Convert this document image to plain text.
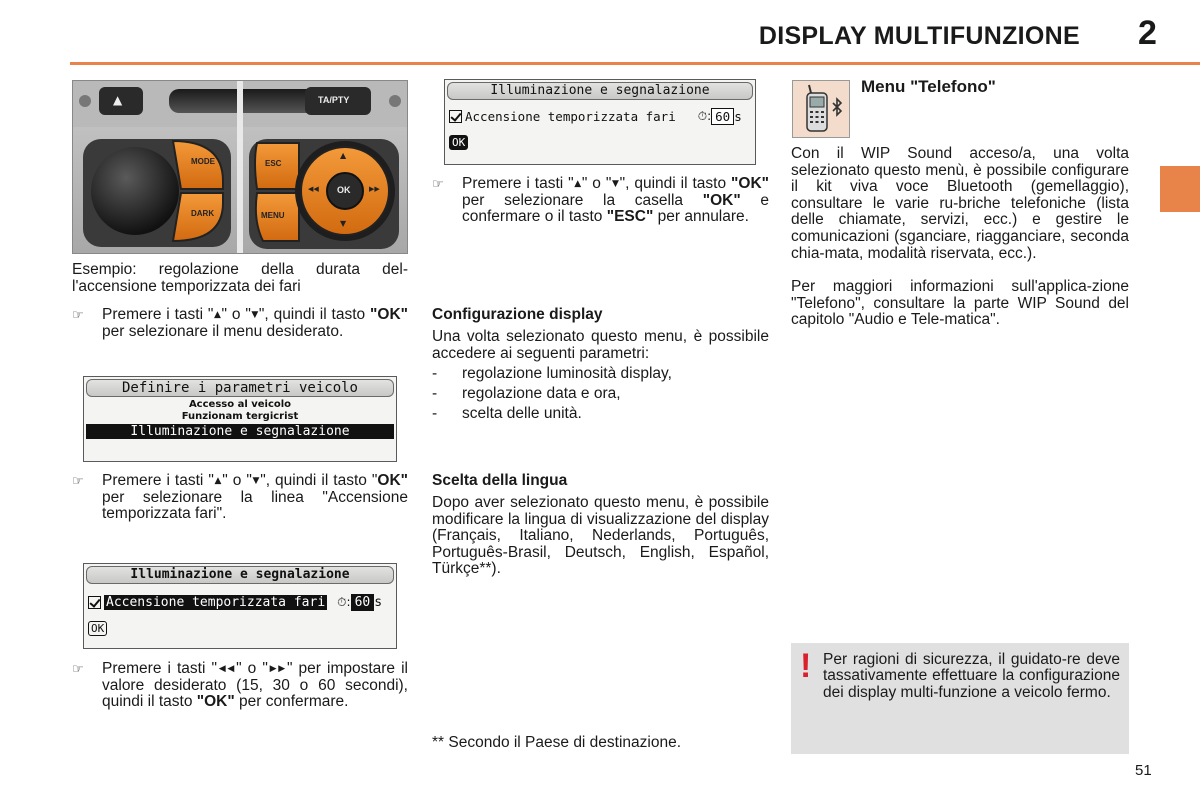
DISPLAY MULTIFUNZIONE 2
▲	TA/PTY
MODE
DARK
ESC
MENU
OK
▲
▼
◀◀	▶▶

Esempio: regolazione della durata del-l'accensione temporizzata dei fari

☞	Premere i tasti "▲" o "▼", quindi il tasto "OK" per selezionare il menu desiderato.
Definire i parametri veicolo
Accesso al veicolo
Funzionam tergicrist
Illuminazione e segnalazione
☞	Premere i tasti "▲" o "▼", quindi il tasto "OK" per selezionare la linea "Accensione temporizzata fari".
Illuminazione e segnalazione
Accensione temporizzata fari ⏱: 60 s
OK
☞	Premere i tasti "◀◀" o "▶▶" per impostare il valore desiderato (15, 30 o 60 secondi), quindi il tasto "OK" per confermare.
Illuminazione e segnalazione
Accensione temporizzata fari ⏱: 60 s
OK
☞	Premere i tasti "▲" o "▼", quindi il tasto "OK" per selezionare la casella "OK" e confermare o il tasto "ESC" per annulare.
Configurazione display

Una volta selezionato questo menu, è possibile accedere ai seguenti parametri:

-	regolazione luminosità display,
-	regolazione data e ora,
-	scelta delle unità.
Scelta della lingua

Dopo aver selezionato questo menu, è possibile modificare la lingua di visualizzazione del display (Français, Italiano, Nederlands, Português, Português-Brasil, Deutsch, English, Español, Türkçe**).

** Secondo il Paese di destinazione.
Menu "Telefono"

Con il WIP Sound acceso/a, una volta selezionato questo menù, è possibile configurare il kit viva voce Bluetooth (gemellaggio), consultare le varie ru-briche telefoniche (lista delle chiamate, servizi, ecc.) e gestire le comunicazioni (sganciare, riagganciare, seconda chia-mata, modalità riservata, ecc.).

Per maggiori informazioni sull'applica-zione "Telefono", consultare la parte WIP Sound del capitolo "Audio e Tele-matica".

! Per ragioni di sicurezza, il guidato-re deve tassativamente effettuare la configurazione dei display multi-funzione a veicolo fermo.

51
